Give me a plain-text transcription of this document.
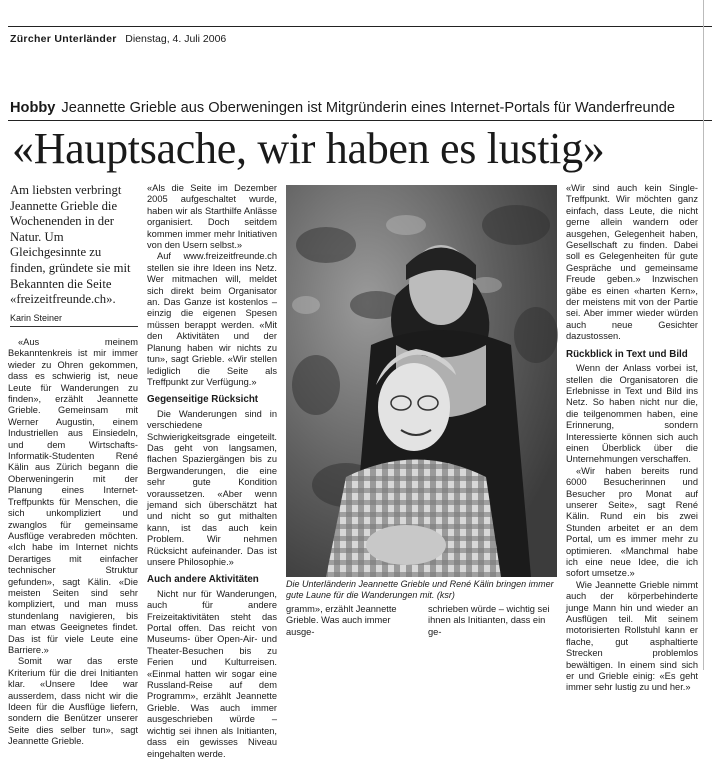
Zürcher Unterländer Dienstag, 4. Juli 2006
Hobby Jeannette Grieble aus Oberweningen ist Mitgründerin eines Internet-Portals für Wanderfreunde
«Hauptsache, wir haben es lustig»
Am liebsten verbringt Jeannette Grieble die Wochenenden in der Natur. Um Gleichgesinnte zu finden, gründete sie mit Bekannten die Seite «freizeitfreunde.ch».
Karin Steiner

«Aus meinem Bekanntenkreis ist mir immer wieder zu Ohren gekommen, dass es schwierig ist, neue Leute für Wanderungen zu finden», erzählt Jeannette Grieble. Gemeinsam mit Werner Augustin, einem Industriellen aus Einsiedeln, und dem Wirtschafts-Informatik-Studenten René Kälin aus Zürich begann die Oberweningerin mit der Planung eines Internet-Treffpunkts für Menschen, die sich unkompliziert und zwanglos für gemeinsame Ausflüge verabreden möchten. «Ich habe im Internet nichts Derartiges mit einfacher technischer Struktur gefunden», sagt Kälin. «Die meisten Seiten sind sehr kompliziert, und man muss stundenlang navigieren, bis man etwas Geeignetes findet. Das ist für viele Leute eine Barriere.»

Somit war das erste Kriterium für die drei Initianten klar. «Unsere Idee war ausserdem, dass nicht wir die Ideen für die Ausflüge liefern, sondern die Benützer unserer Seite dies selber tun», sagt Jeannette Grieble.

«Als die Seite im Dezember 2005 aufgeschaltet wurde, haben wir als Starthilfe Anlässe organisiert. Doch seitdem kommen immer mehr Initiativen von den Usern selbst.»

Auf www.freizeitfreunde.ch stellen sie ihre Ideen ins Netz. Wer mitmachen will, meldet sich direkt beim Organisator an. Das Ganze ist kostenlos – einzig die eigenen Spesen müssen berappt werden. «Mit den Aktivitäten und der Planung haben wir nichts zu tun», sagt Grieble. «Wir stellen lediglich die Seite als Treffpunkt zur Verfügung.»

Gegenseitige Rücksicht

Die Wanderungen sind in verschiedene Schwierigkeitsgrade eingeteilt. Das geht von langsamen, flachen Spaziergängen bis zu Bergwanderungen, die eine sehr gute Kondition voraussetzen. «Aber wenn jemand sich überschätzt hat und nicht so gut mithalten kann, ist das auch kein Problem. Wir nehmen Rücksicht aufeinander. Das ist unsere Philosophie.»

Auch andere Aktivitäten

Nicht nur für Wanderungen, auch für andere Freizeitaktivitäten steht das Portal offen. Das reicht von Museums- über Open-Air- und Theater-Besuchen bis zu Ferien und Kulturreisen. «Einmal hatten wir sogar eine Russland-Reise auf dem Programm», erzählt Jeannette Grieble. Was auch immer ausgeschrieben würde – wichtig sei ihnen als Initianten, dass ein gewisses Niveau eingehalten werde.

Die Unterländerin Jeannette Grieble und René Kälin bringen immer gute Laune für die Wanderungen mit. (ksr)
gramm», erzählt Jeannette Grieble. Was auch immer ausge-
schrieben würde – wichtig sei ihnen als Initianten, dass ein ge-

«Wir sind auch kein Single-Treffpunkt. Wir möchten ganz einfach, dass Leute, die nicht gerne allein wandern oder ausgehen, Gelegenheit haben, Gesellschaft zu finden. Dabei soll es Gelegenheiten für gute Gespräche und gemeinsame Freude geben.» Inzwischen gäbe es einen «harten Kern», der meistens mit von der Partie sei. Aber immer wieder würden auch neue Gesichter dazustossen.

Rückblick in Text und Bild

Wenn der Anlass vorbei ist, stellen die Organisatoren die Erlebnisse in Text und Bild ins Netz. So haben nicht nur die, die teilgenommen haben, eine Erinnerung, sondern Interessierte können sich auch einen Überblick über die Unternehmungen verschaffen.

«Wir haben bereits rund 6000 Besucherinnen und Besucher pro Monat auf unserer Seite», sagt René Kälin. Rund ein bis zwei Stunden arbeitet er an dem Portal, um es immer mehr zu optimieren. «Manchmal habe ich eine neue Idee, die ich sofort umsetze.»

Wie Jeannette Grieble nimmt auch der körperbehinderte junge Mann hin und wieder an Ausflügen teil. Mit seinem motorisierten Rollstuhl kann er flache, gut asphaltierte Strecken problemlos bewältigen. In einem sind sich er und Grieble einig: «Es geht immer sehr lustig zu und her.»
